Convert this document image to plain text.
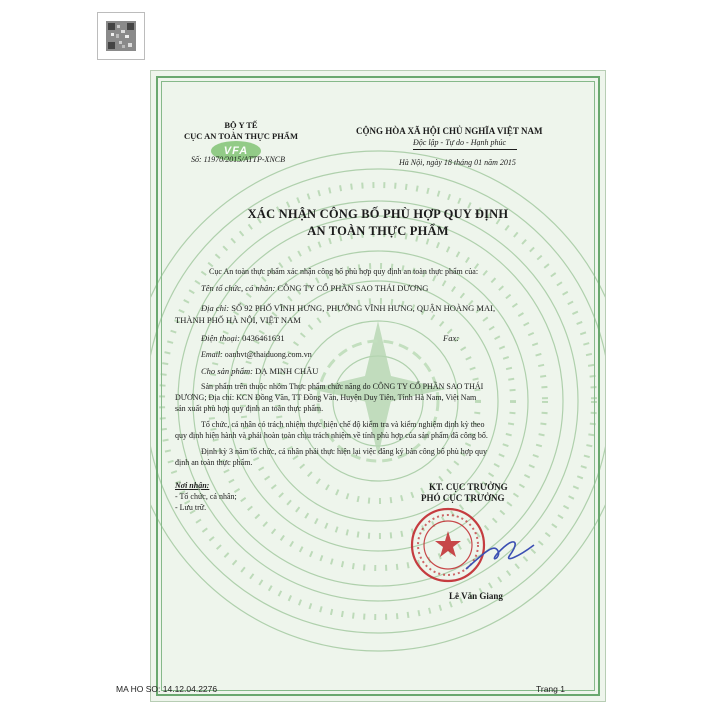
BỘ Y TẾ
CỤC AN TOÀN THỰC PHẨM
VFA
Số: 11970/2015/ATTP-XNCB
CỘNG HÒA XÃ HỘI CHỦ NGHĨA VIỆT NAM
Độc lập - Tự do - Hạnh phúc
Hà Nội, ngày 18 tháng 01 năm 2015
XÁC NHẬN CÔNG BỐ PHÙ HỢP QUY ĐỊNH
AN TOÀN THỰC PHẨM
Cục An toàn thực phẩm xác nhận công bố phù hợp quy định an toàn thực phẩm của:
Tên tổ chức, cá nhân: CÔNG TY CỔ PHẦN SAO THÁI DƯƠNG
Địa chỉ: SỐ 92 PHỐ VĨNH HƯNG, PHƯỜNG VĨNH HƯNG, QUẬN HOÀNG MAI,
THÀNH PHỐ HÀ NỘI, VIỆT NAM
Điện thoại: 0436461631	Fax:
Email: oanhvt@thaiduong.com.vn
Cho sản phẩm: DẠ MINH CHÂU
Sản phẩm trên thuộc nhóm Thực phẩm chức năng do CÔNG TY CỔ PHẦN SAO THÁI
DƯƠNG; Địa chỉ: KCN Đồng Văn, TT Đồng Văn, Huyện Duy Tiên, Tỉnh Hà Nam, Việt Nam
sản xuất phù hợp quy định an toàn thực phẩm.
Tổ chức, cá nhân có trách nhiệm thực hiện chế độ kiểm tra và kiểm nghiệm định kỳ theo
quy định hiện hành và phải hoàn toàn chịu trách nhiệm về tính phù hợp của sản phẩm đã công bố.
Định kỳ 3 năm tổ chức, cá nhân phải thực hiện lại việc đăng ký bản công bố phù hợp quy
định an toàn thực phẩm.
Nơi nhận:
- Tổ chức, cá nhân;
- Lưu trữ.
KT. CỤC TRƯỞNG
PHÓ CỤC TRƯỞNG
Lê Văn Giang
MA HO SO: 14.12.04.2276	Trang 1
